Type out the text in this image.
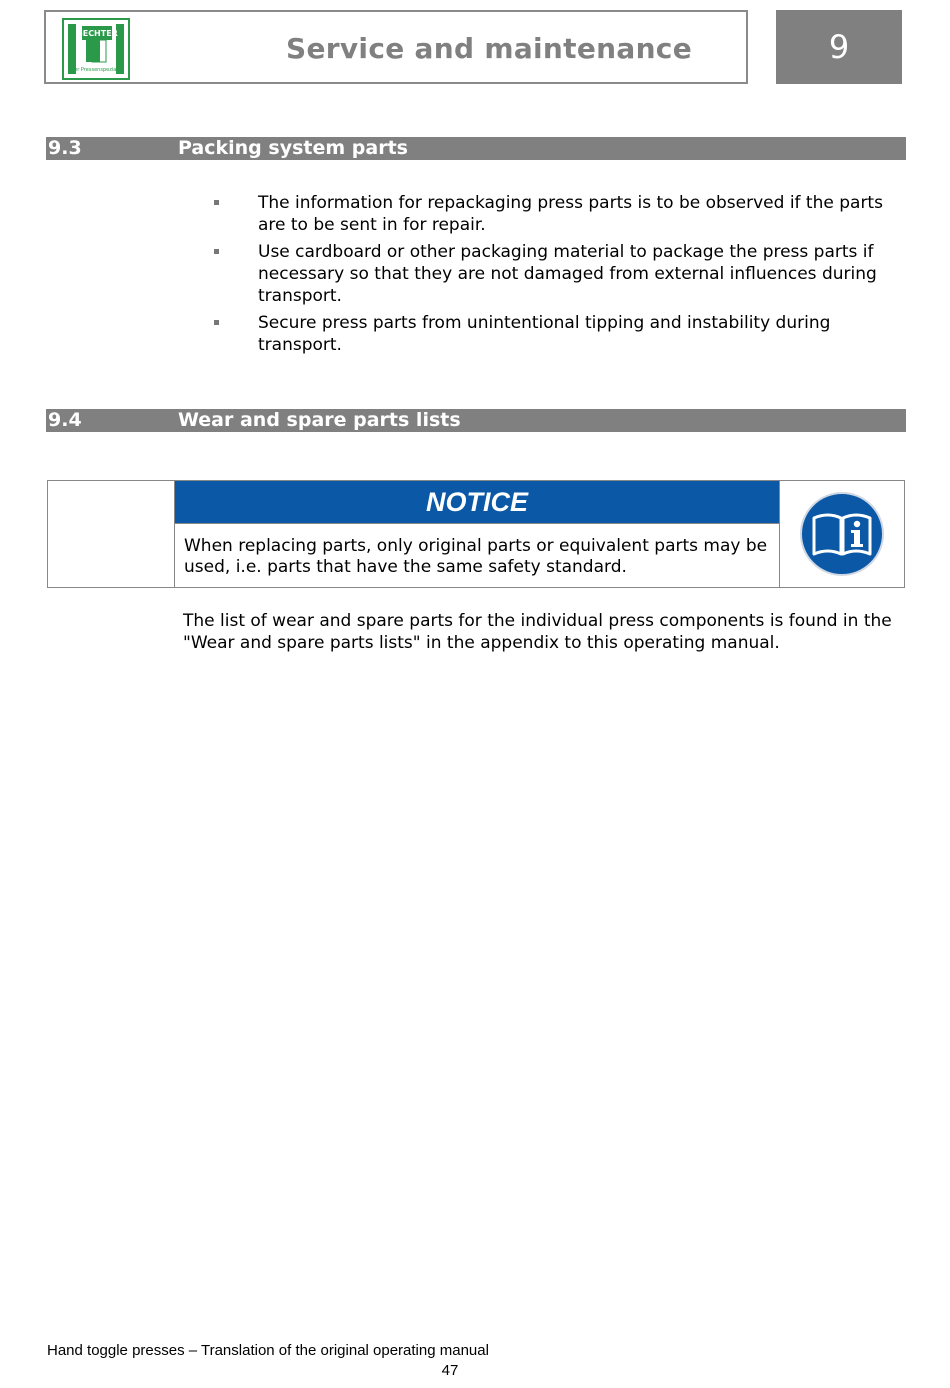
GECHTER
Der Pressenspezialist
Service and maintenance	9
9.3	Packing system parts
The information for repackaging press parts is to be observed if the parts are to be sent in for repair.
Use cardboard or other packaging material to package the press parts if necessary so that they are not damaged from external influences during transport.
Secure press parts from unintentional tipping and instability during transport.
9.4	Wear and spare parts lists
NOTICE
When replacing parts, only original parts or equivalent parts may be used, i.e. parts that have the same safety standard.
The list of wear and spare parts for the individual press components is found in the "Wear and spare parts lists" in the appendix to this operating manual.
Hand toggle presses – Translation of the original operating manual
47
